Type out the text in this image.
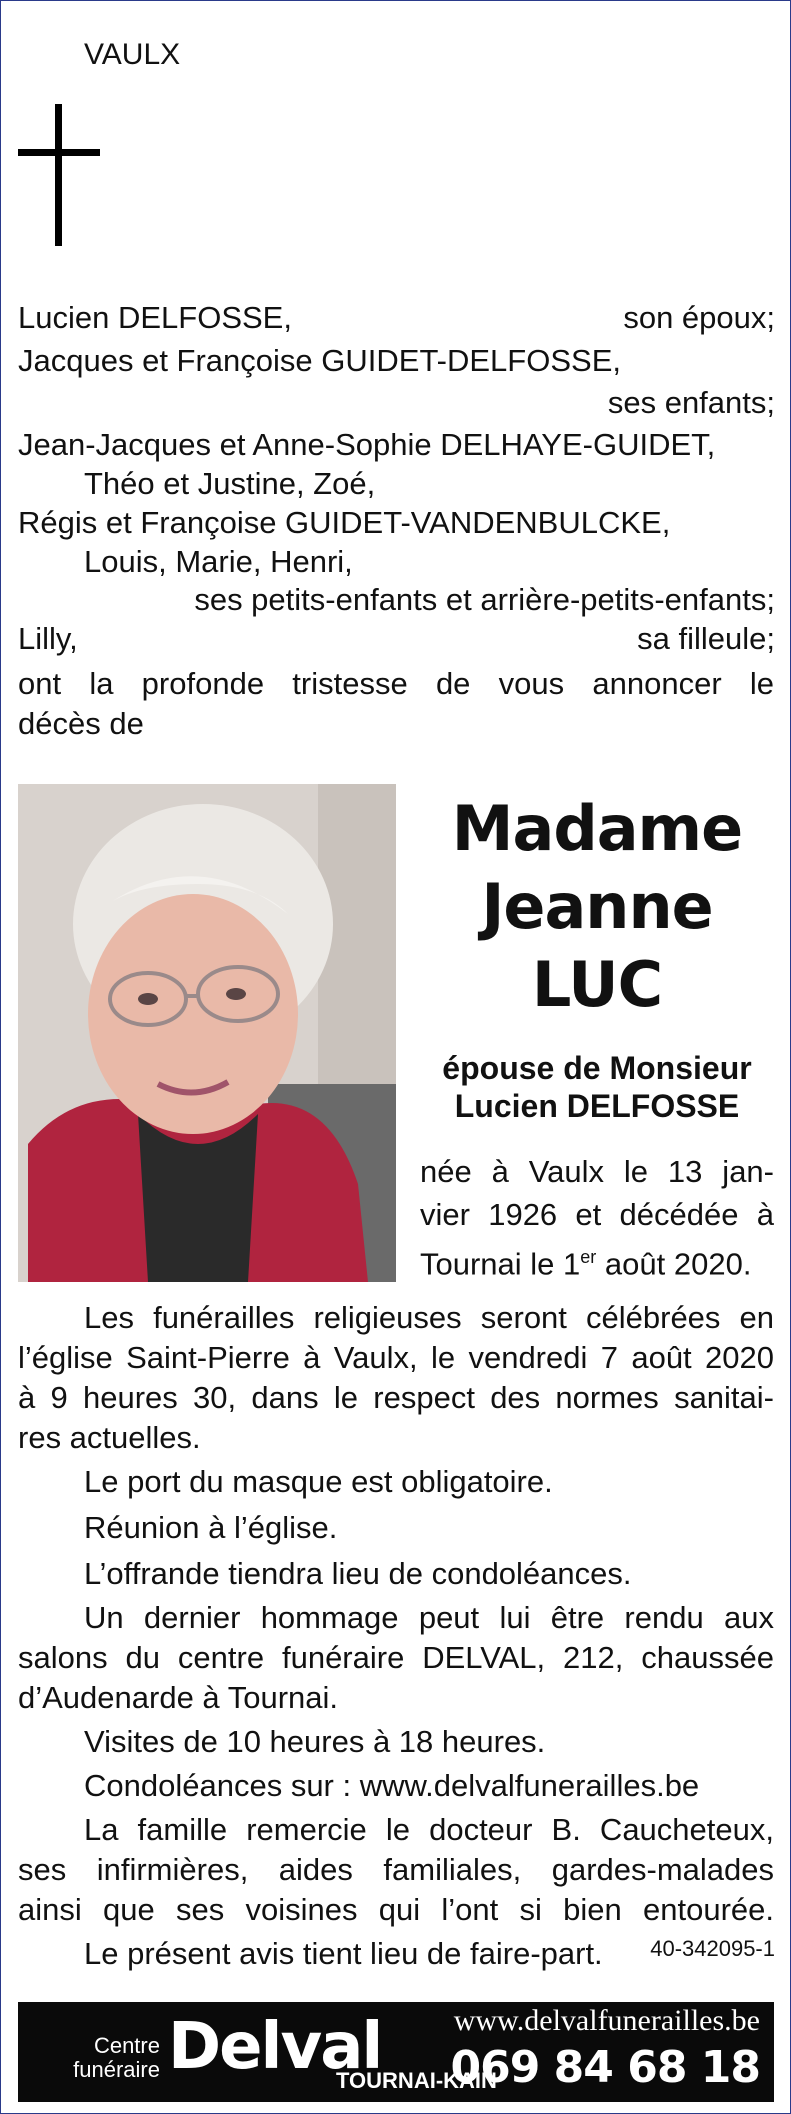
VAULX
Lucien DELFOSSE,	son époux;
Jacques et Françoise GUIDET-DELFOSSE,
ses enfants;
Jean-Jacques et Anne-Sophie DELHAYE-GUIDET,
Théo et Justine, Zoé,
Régis et Françoise GUIDET-VANDENBULCKE,
Louis, Marie, Henri,
ses petits-enfants et arrière-petits-enfants;
Lilly,	sa filleule;
ont la profonde tristesse de vous annoncer le
décès de
Madame
Jeanne
LUC
épouse de Monsieur
Lucien DELFOSSE
née à Vaulx le 13 jan-
vier 1926 et décédée à
Tournai le 1er août 2020.
Les funérailles religieuses seront célébrées en
l’église Saint-Pierre à Vaulx, le vendredi 7 août 2020
à 9 heures 30, dans le respect des normes sanitai-
res actuelles.
Le port du masque est obligatoire.
Réunion à l’église.
L’offrande tiendra lieu de condoléances.
Un dernier hommage peut lui être rendu aux
salons du centre funéraire DELVAL, 212, chaussée
d’Audenarde à Tournai.
Visites de 10 heures à 18 heures.
Condoléances sur : www.delvalfunerailles.be
La famille remercie le docteur B. Caucheteux,
ses infirmières, aides familiales, gardes-malades
ainsi que ses voisines qui l’ont si bien entourée.
Le présent avis tient lieu de faire-part.	40-342095-1
Centre
funéraire Delval www.delvalfunerailles.be
TOURNAI-KAIN
069 84 68 18
